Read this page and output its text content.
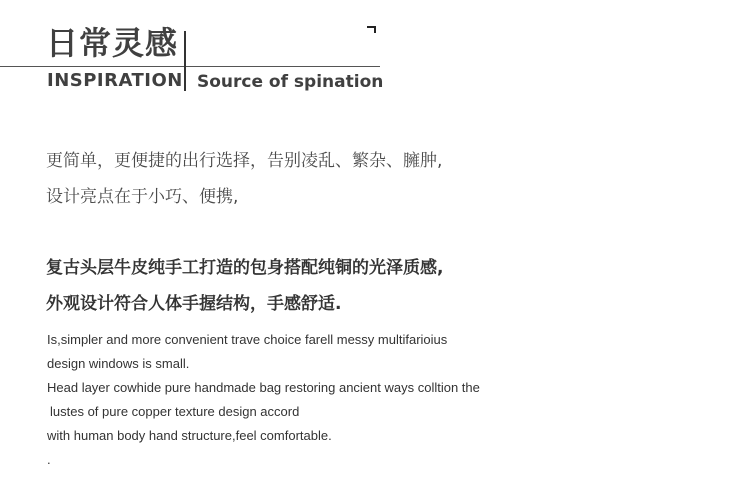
日常灵感
INSPIRATION Source of spination
更简单，更便捷的出行选择，告别凌乱、繁杂、臃肿,
设计亮点在于小巧、便携,
复古头层牛皮纯手工打造的包身搭配纯铜的光泽质感,
外观设计符合人体手握结构，手感舒适.
Is,simpler and more convenient trave choice farell messy multifarioius
design windows is small.
Head layer cowhide pure handmade bag restoring ancient ways colltion the
lustes of pure copper texture design accord
with human body hand structure,feel comfortable.
.
